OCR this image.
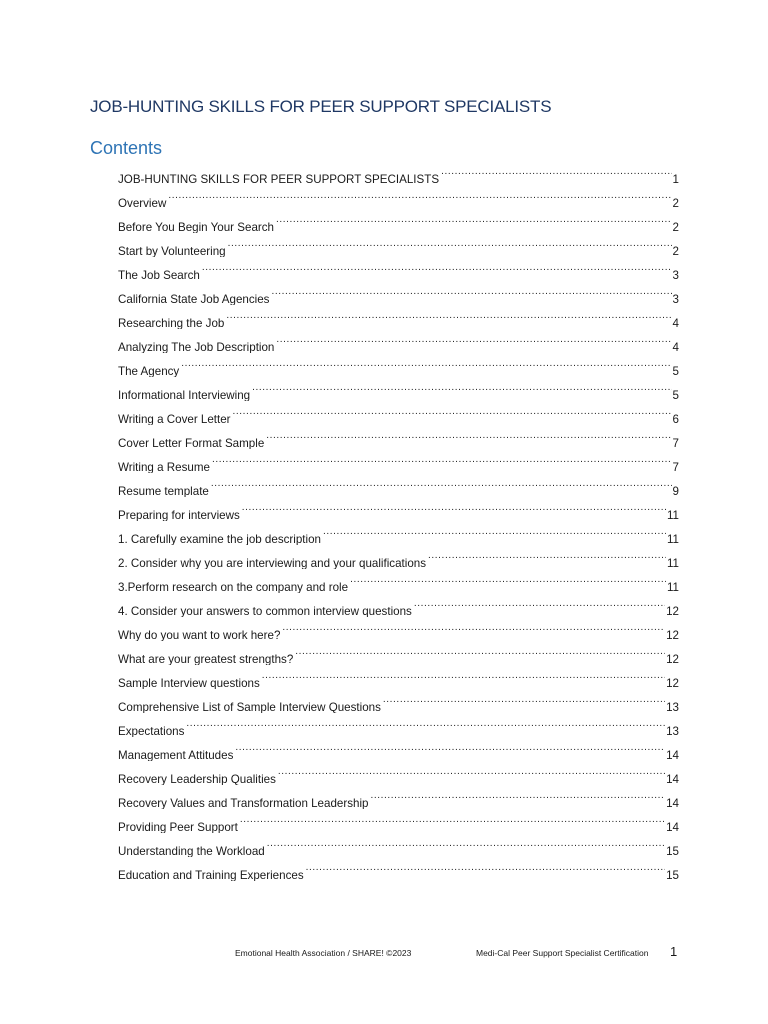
JOB-HUNTING SKILLS FOR PEER SUPPORT SPECIALISTS
Contents
JOB-HUNTING SKILLS FOR PEER SUPPORT SPECIALISTS .....	1
Overview .....	2
Before You Begin Your Search .....	2
Start by Volunteering .....	2
The Job Search .....	3
California State Job Agencies .....	3
Researching the Job .....	4
Analyzing The Job Description .....	4
The Agency .....	5
Informational Interviewing .....	5
Writing a Cover Letter .....	6
Cover Letter Format Sample .....	7
Writing a Resume .....	7
Resume template .....	9
Preparing for interviews .....	11
1. Carefully examine the job description .....	11
2. Consider why you are interviewing and your qualifications .....	11
3.Perform research on the company and role .....	11
4. Consider your answers to common interview questions .....	12
Why do you want to work here? .....	12
What are your greatest strengths? .....	12
Sample Interview questions .....	12
Comprehensive List of Sample Interview Questions .....	13
Expectations .....	13
Management Attitudes .....	14
Recovery Leadership Qualities .....	14
Recovery Values and Transformation Leadership .....	14
Providing Peer Support .....	14
Understanding the Workload .....	15
Education and Training Experiences .....	15
Emotional Health Association / SHARE! ©2023	Medi-Cal Peer Support Specialist Certification 1
